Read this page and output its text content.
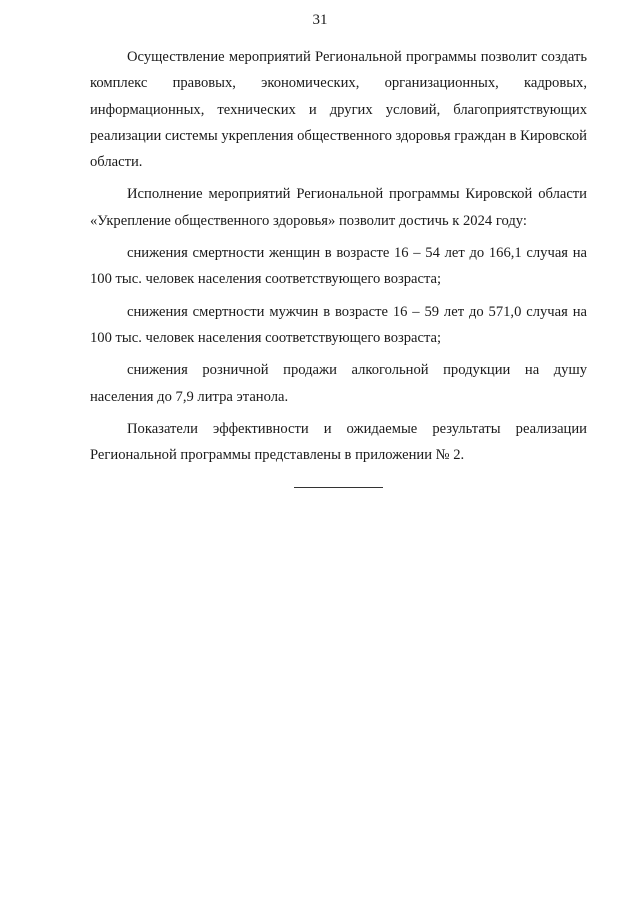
31

Осуществление мероприятий Региональной программы позволит создать комплекс правовых, экономических, организационных, кадровых, информационных, технических и других условий, благоприятствующих реализации системы укрепления общественного здоровья граждан в Кировской области.

Исполнение мероприятий Региональной программы Кировской области «Укрепление общественного здоровья» позволит достичь к 2024 году:

снижения смертности женщин в возрасте 16 – 54 лет до 166,1 случая на 100 тыс. человек населения соответствующего возраста;

снижения смертности мужчин в возрасте 16 – 59 лет до 571,0 случая на 100 тыс. человек населения соответствующего возраста;

снижения розничной продажи алкогольной продукции на душу населения до 7,9 литра этанола.

Показатели эффективности и ожидаемые результаты реализации Региональной программы представлены в приложении № 2.
